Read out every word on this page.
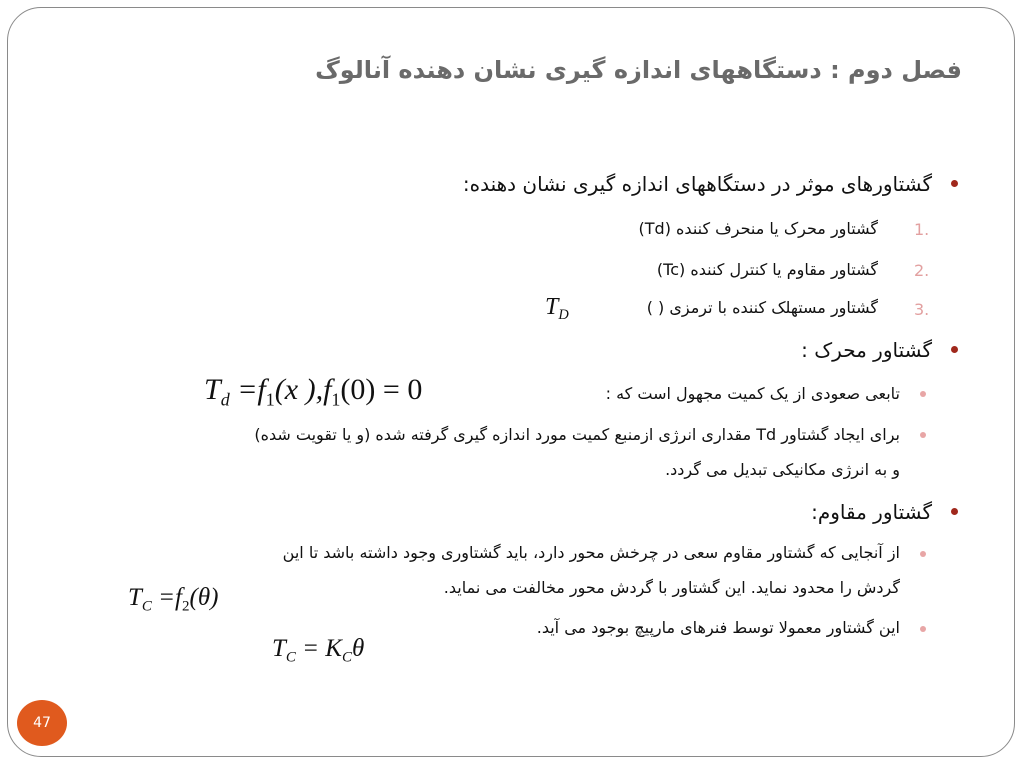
فصل دوم : دستگاههای اندازه گیری نشان دهنده آنالوگ
گشتاورهای موثر در دستگاههای اندازه گیری نشان دهنده:
1.
گشتاور محرک یا منحرف کننده (Td)
2.
گشتاور مقاوم یا کنترل کننده (Tc)
3.
گشتاور مستهلک کننده با ترمزی ( )
$T_D$
گشتاور محرک :
تابعی صعودی از یک کمیت مجهول است که :
$T_d =f_1(x$ )$,f_1(0) = 0$
برای ایجاد گشتاور Td مقداری انرژی ازمنبع کمیت مورد اندازه گیری گرفته شده (و یا تقویت شده)
و به انرژی مکانیکی تبدیل می گردد.
گشتاور مقاوم:
از آنجایی که گشتاور مقاوم سعی در چرخش محور دارد، باید گشتاوری وجود داشته باشد تا این
گردش را محدود نماید. این گشتاور با گردش محور مخالفت می نماید.
$T_C =f_2(\theta)$
این گشتاور معمولا توسط فنرهای مارپیچ بوجود می آید.
$T_C = K_C\theta$
47
